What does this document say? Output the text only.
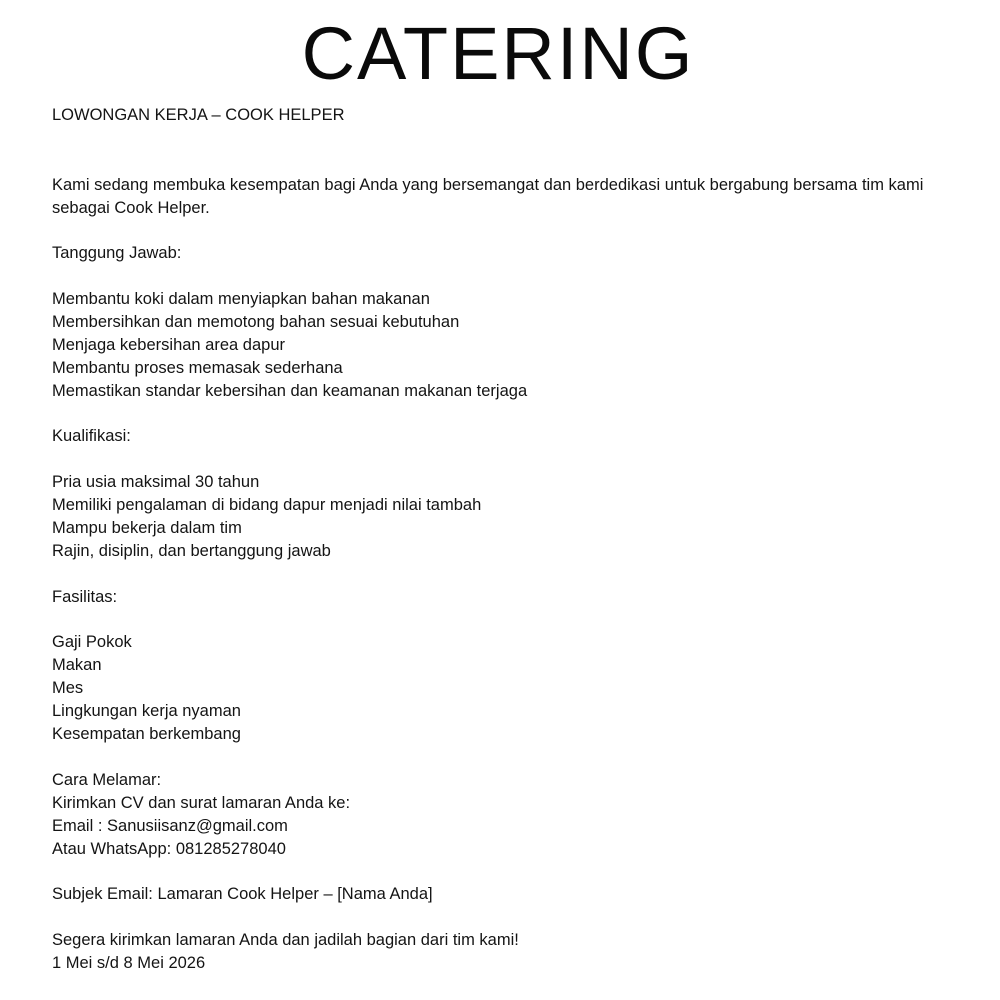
CATERING

LOWONGAN KERJA – COOK HELPER

Kami sedang membuka kesempatan bagi Anda yang bersemangat dan berdedikasi untuk bergabung bersama tim kami

sebagai Cook Helper.

Tanggung Jawab:

Membantu koki dalam menyiapkan bahan makanan

Membersihkan dan memotong bahan sesuai kebutuhan

Menjaga kebersihan area dapur

Membantu proses memasak sederhana

Memastikan standar kebersihan dan keamanan makanan terjaga

Kualifikasi:

Pria usia maksimal 30 tahun

Memiliki pengalaman di bidang dapur menjadi nilai tambah

Mampu bekerja dalam tim

Rajin, disiplin, dan bertanggung jawab

Fasilitas:

Gaji Pokok

Makan

Mes

Lingkungan kerja nyaman

Kesempatan berkembang

Cara Melamar:

Kirimkan CV dan surat lamaran Anda ke:

Email : Sanusiisanz@gmail.com

Atau WhatsApp: 081285278040

Subjek Email: Lamaran Cook Helper – [Nama Anda]

Segera kirimkan lamaran Anda dan jadilah bagian dari tim kami!

1 Mei s/d 8 Mei 2026
